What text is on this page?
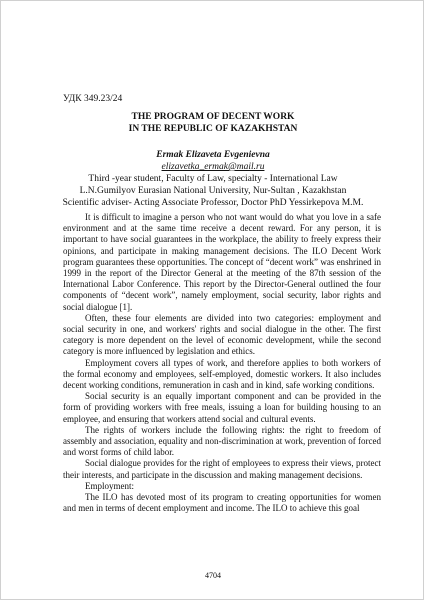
УДК 349.23/24
THE PROGRAM OF DECENT WORK
IN THE REPUBLIC OF KAZAKHSTAN
Ermak Elizaveta Evgenievna
elizavetka_ermak@mail.ru
Third -year student, Faculty of Law, specialty - International Law
L.N.Gumilyov Eurasian National University, Nur-Sultan , Kazakhstan
Scientific adviser- Acting Associate Professor, Doctor PhD Yessirkepova M.M.

It is difficult to imagine a person who not want would do what you love in a safe environment and at the same time receive a decent reward. For any person, it is important to have social guarantees in the workplace, the ability to freely express their opinions, and participate in making management decisions. The ILO Decent Work program guarantees these opportunities. The concept of “decent work” was enshrined in 1999 in the report of the Director General at the meeting of the 87th session of the International Labor Conference. This report by the Director-General outlined the four components of “decent work”, namely employment, social security, labor rights and social dialogue [1].

Often, these four elements are divided into two categories: employment and social security in one, and workers' rights and social dialogue in the other. The first category is more dependent on the level of economic development, while the second category is more influenced by legislation and ethics.

Employment covers all types of work, and therefore applies to both workers of the formal economy and employees, self-employed, domestic workers. It also includes decent working conditions, remuneration in cash and in kind, safe working conditions.

Social security is an equally important component and can be provided in the form of providing workers with free meals, issuing a loan for building housing to an employee, and ensuring that workers attend social and cultural events.

The rights of workers include the following rights: the right to freedom of assembly and association, equality and non-discrimination at work, prevention of forced and worst forms of child labor.

Social dialogue provides for the right of employees to express their views, protect their interests, and participate in the discussion and making management decisions.

Employment:

The ILO has devoted most of its program to creating opportunities for women and men in terms of decent employment and income. The ILO to achieve this goal

4704
